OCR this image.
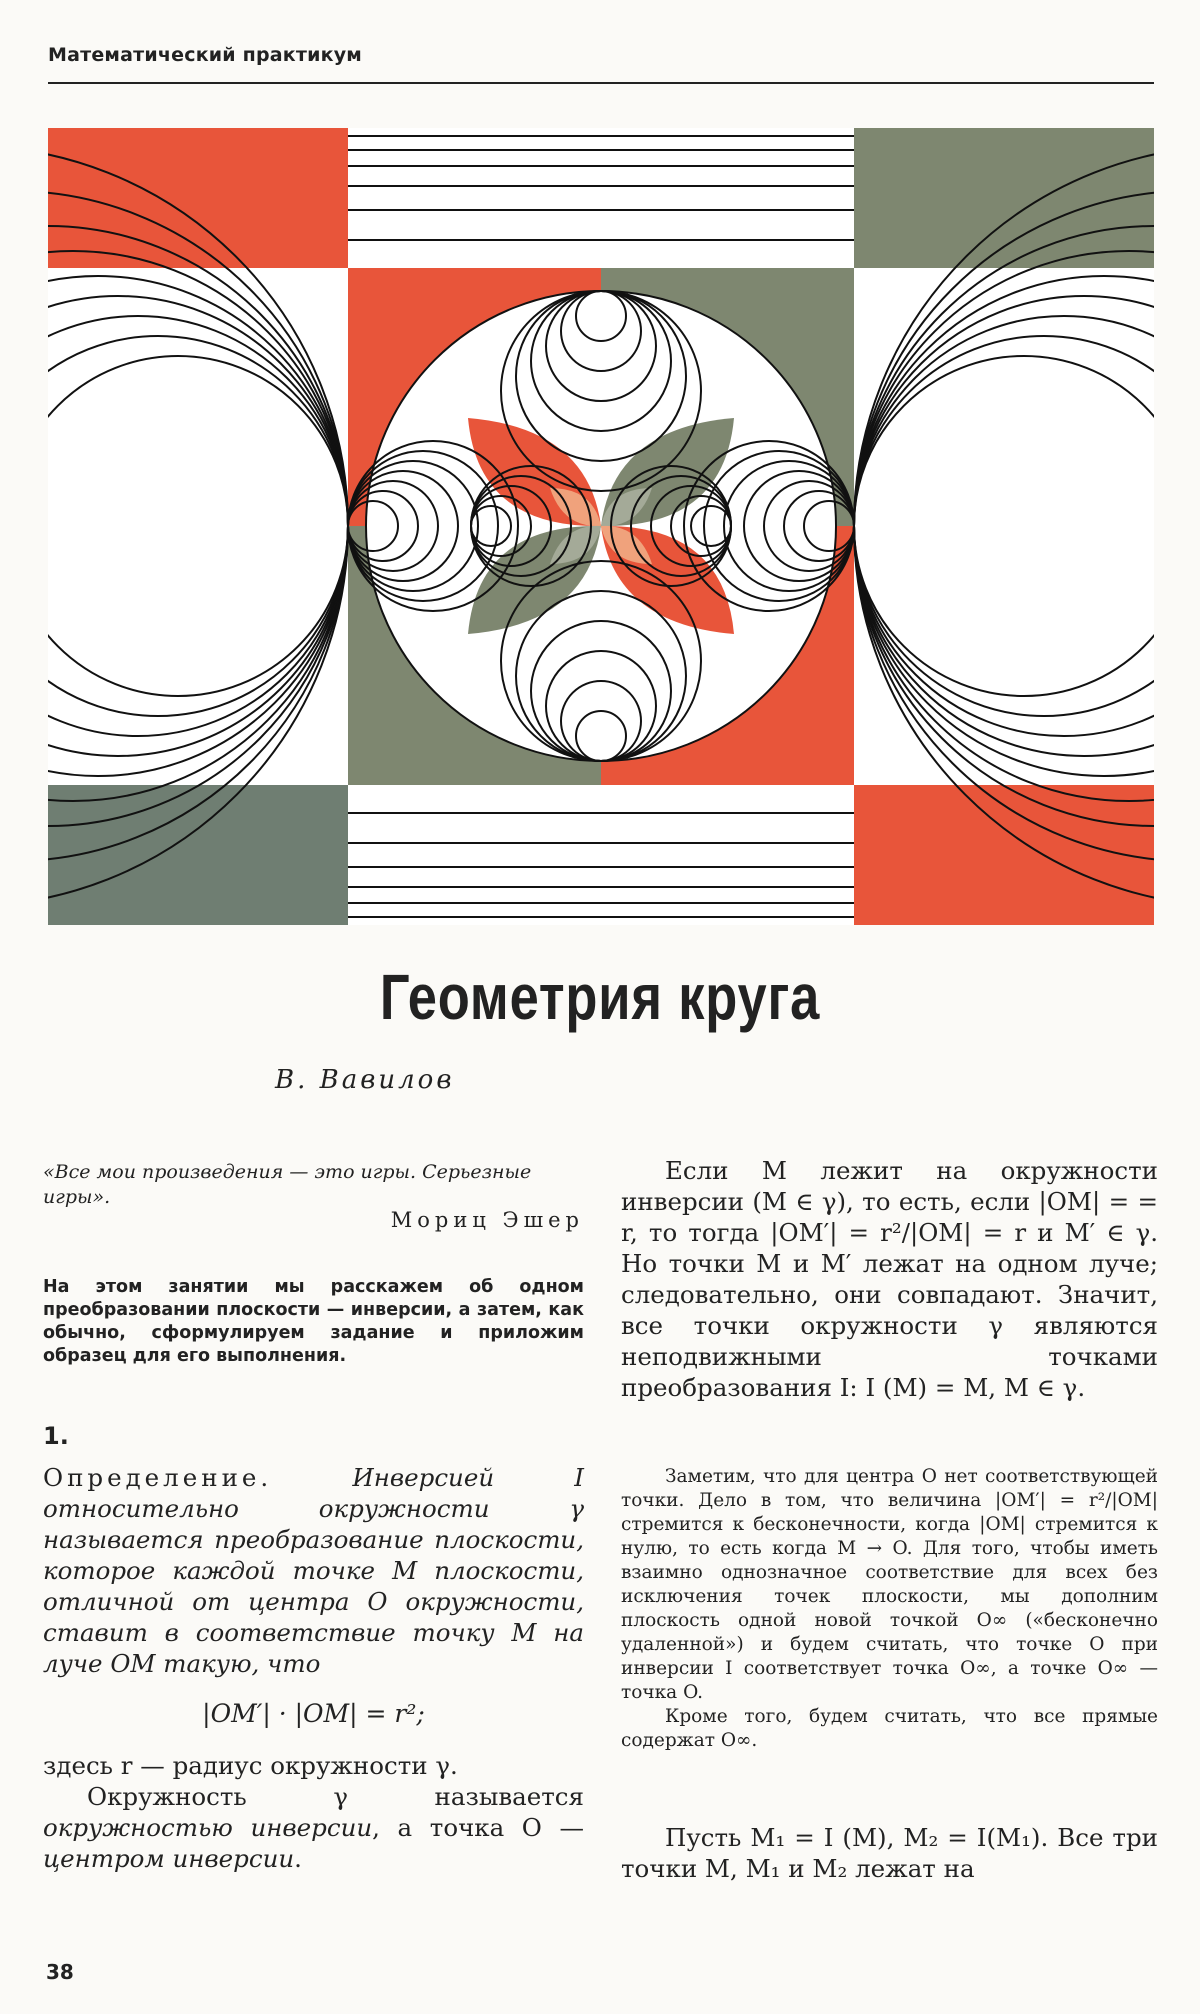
Математический практикум
Геометрия круга
В. Вавилов
«Все мои произведения — это игры. Серьезные игры».
Мориц Эшер
На этом занятии мы расскажем об одном преобразовании плоскости — инверсии, а затем, как обычно, сформулируем задание и приложим образец для его выполнения.
1.
Определение.	Инверсией I относительно окружности γ называется преобразование плоскости, которое каждой точке M плоскости, отличной от центра O окружности, ставит в соответствие точку M на луче OM такую, что
|OM′| · |OM| = r²;

здесь r — радиус окружности γ.

Окружность γ называется окружностью инверсии, а точка O — центром инверсии.

Если M лежит на окружности инверсии (M ∈ γ), то есть, если |OM| = = r, то тогда |OM′| = r²/|OM| = r и M′ ∈ γ. Но точки M и M′ лежат на одном луче; следовательно, они совпадают. Значит, все точки окружности γ являются неподвижными точками преобразования I: I (M) = M, M ∈ γ.

Заметим, что для центра O нет соответствующей точки. Дело в том, что величина |OM′| = r²/|OM| стремится к бесконечности, когда |OM| стремится к нулю, то есть когда M → O. Для того, чтобы иметь взаимно однозначное соответствие для всех без исключения точек плоскости, мы дополним плоскость одной новой точкой O∞ («бесконечно удаленной») и будем считать, что точке O при инверсии I соответствует точка O∞, а точке O∞ — точка O.

Кроме того, будем считать, что все прямые содержат O∞.

Пусть M₁ = I (M), M₂ = I(M₁). Все три точки M, M₁ и M₂ лежат на
38
